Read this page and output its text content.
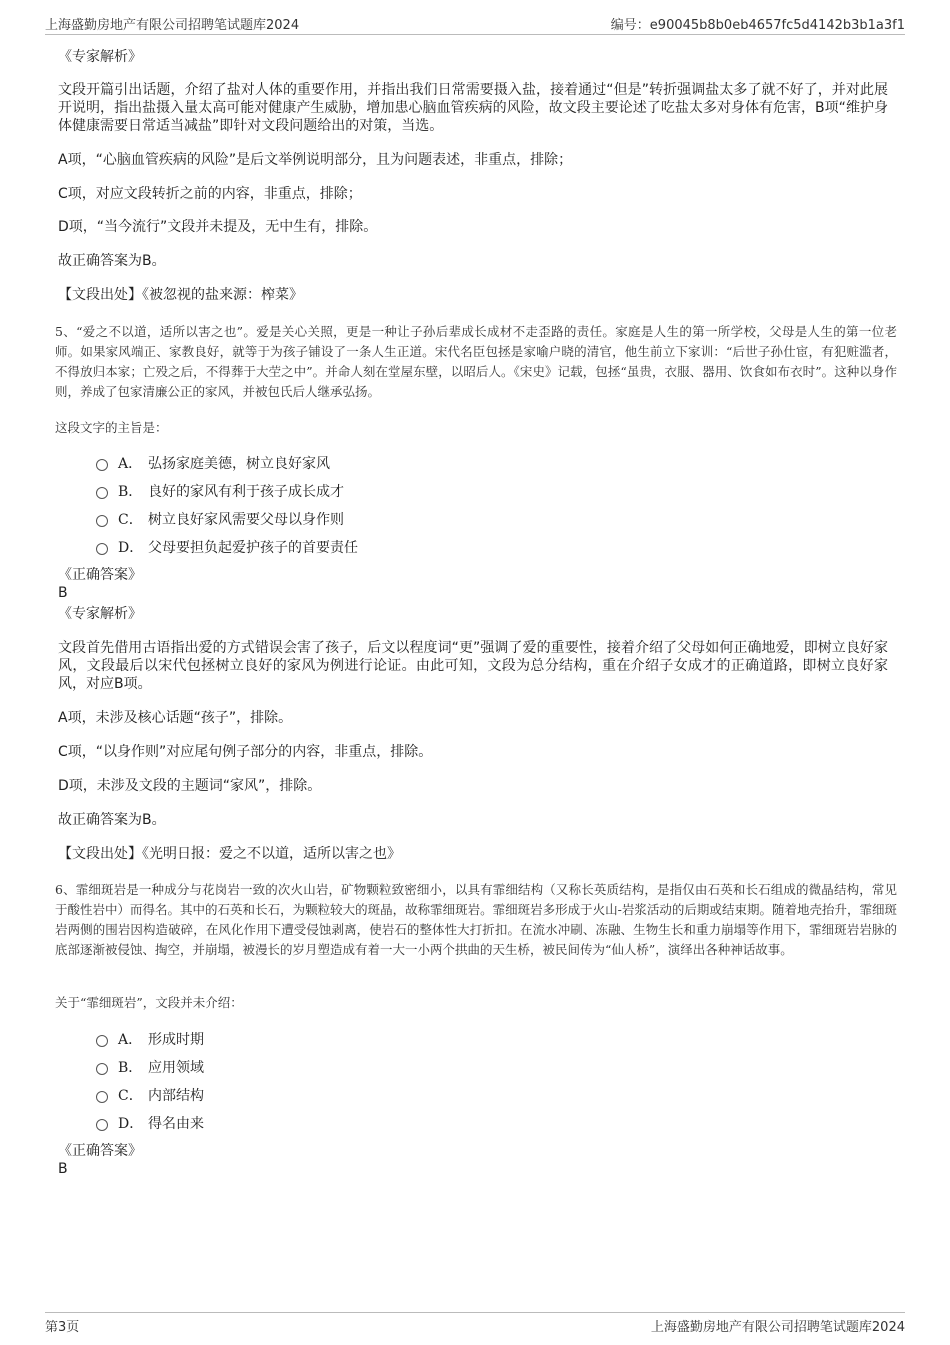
上海盛勤房地产有限公司招聘笔试题库2024	编号：e90045b8b0eb4657fc5d4142b3b1a3f1
《专家解析》
文段开篇引出话题，介绍了盐对人体的重要作用，并指出我们日常需要摄入盐，接着通过“但是”转折强调盐太多了就不好了，并对此展开说明，指出盐摄入量太高可能对健康产生威胁，增加患心脑血管疾病的风险，故文段主要论述了吃盐太多对身体有危害，B项“维护身体健康需要日常适当减盐”即针对文段问题给出的对策，当选。
A项，“心脑血管疾病的风险”是后文举例说明部分，且为问题表述，非重点，排除；
C项，对应文段转折之前的内容，非重点，排除；
D项，“当今流行”文段并未提及，无中生有，排除。
故正确答案为B。
【文段出处】《被忽视的盐来源：榨菜》
5、“爱之不以道，适所以害之也”。爱是关心关照，更是一种让子孙后辈成长成材不走歪路的责任。家庭是人生的第一所学校，父母是人生的第一位老师。如果家风端正、家教良好，就等于为孩子铺设了一条人生正道。宋代名臣包拯是家喻户晓的清官，他生前立下家训：“后世子孙仕宦，有犯赃滥者，不得放归本家；亡殁之后，不得葬于大茔之中”。并命人刻在堂屋东壁，以昭后人。《宋史》记载，包拯“虽贵，衣服、器用、饮食如布衣时”。这种以身作则，养成了包家清廉公正的家风，并被包氏后人继承弘扬。
这段文字的主旨是：
A． 弘扬家庭美德，树立良好家风
B． 良好的家风有利于孩子成长成才
C． 树立良好家风需要父母以身作则
D． 父母要担负起爱护孩子的首要责任
《正确答案》
B
《专家解析》
文段首先借用古语指出爱的方式错误会害了孩子，后文以程度词“更”强调了爱的重要性，接着介绍了父母如何正确地爱，即树立良好家风，文段最后以宋代包拯树立良好的家风为例进行论证。由此可知，文段为总分结构，重在介绍子女成才的正确道路，即树立良好家风，对应B项。
A项，未涉及核心话题“孩子”，排除。
C项，“以身作则”对应尾句例子部分的内容，非重点，排除。
D项，未涉及文段的主题词“家风”，排除。
故正确答案为B。
【文段出处】《光明日报：爱之不以道，适所以害之也》
6、霏细斑岩是一种成分与花岗岩一致的次火山岩，矿物颗粒致密细小，以具有霏细结构（又称长英质结构，是指仅由石英和长石组成的微晶结构，常见于酸性岩中）而得名。其中的石英和长石，为颗粒较大的斑晶，故称霏细斑岩。霏细斑岩多形成于火山-岩浆活动的后期或结束期。随着地壳抬升，霏细斑岩两侧的围岩因构造破碎，在风化作用下遭受侵蚀剥离，使岩石的整体性大打折扣。在流水冲刷、冻融、生物生长和重力崩塌等作用下，霏细斑岩岩脉的底部逐渐被侵蚀、掏空，并崩塌，被漫长的岁月塑造成有着一大一小两个拱曲的天生桥，被民间传为“仙人桥”，演绎出各种神话故事。
关于“霏细斑岩”，文段并未介绍：
A． 形成时期
B． 应用领域
C． 内部结构
D． 得名由来
《正确答案》
B
第3页	上海盛勤房地产有限公司招聘笔试题库2024
